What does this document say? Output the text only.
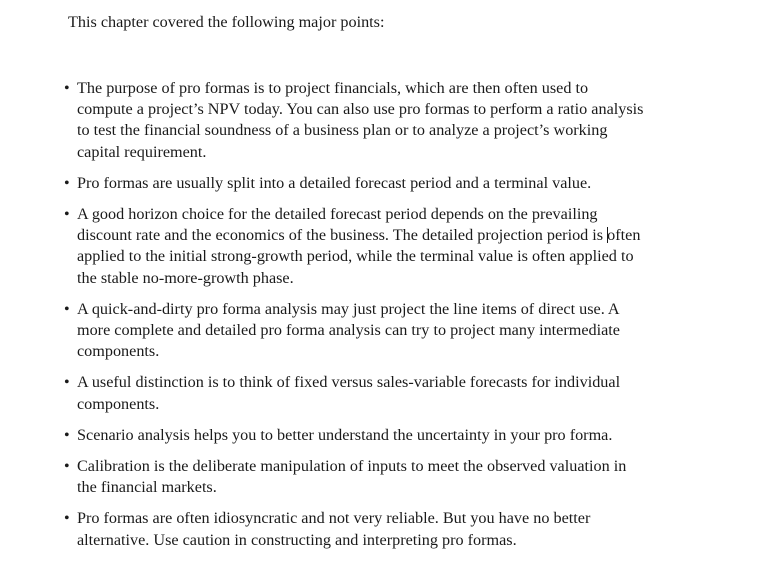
This chapter covered the following major points:

• The purpose of pro formas is to project financials, which are then often used to compute a project’s NPV today. You can also use pro formas to perform a ratio analysis to test the financial soundness of a business plan or to analyze a project’s working capital requirement.
• Pro formas are usually split into a detailed forecast period and a terminal value.
• A good horizon choice for the detailed forecast period depends on the prevailing discount rate and the economics of the business. The detailed projection period is often applied to the initial strong-growth period, while the terminal value is often applied to the stable no-more-growth phase.
• A quick-and-dirty pro forma analysis may just project the line items of direct use. A more complete and detailed pro forma analysis can try to project many intermediate components.
• A useful distinction is to think of fixed versus sales-variable forecasts for individual components.
• Scenario analysis helps you to better understand the uncertainty in your pro forma.
• Calibration is the deliberate manipulation of inputs to meet the observed valuation in the financial markets.
• Pro formas are often idiosyncratic and not very reliable. But you have no better alternative. Use caution in constructing and interpreting pro formas.
